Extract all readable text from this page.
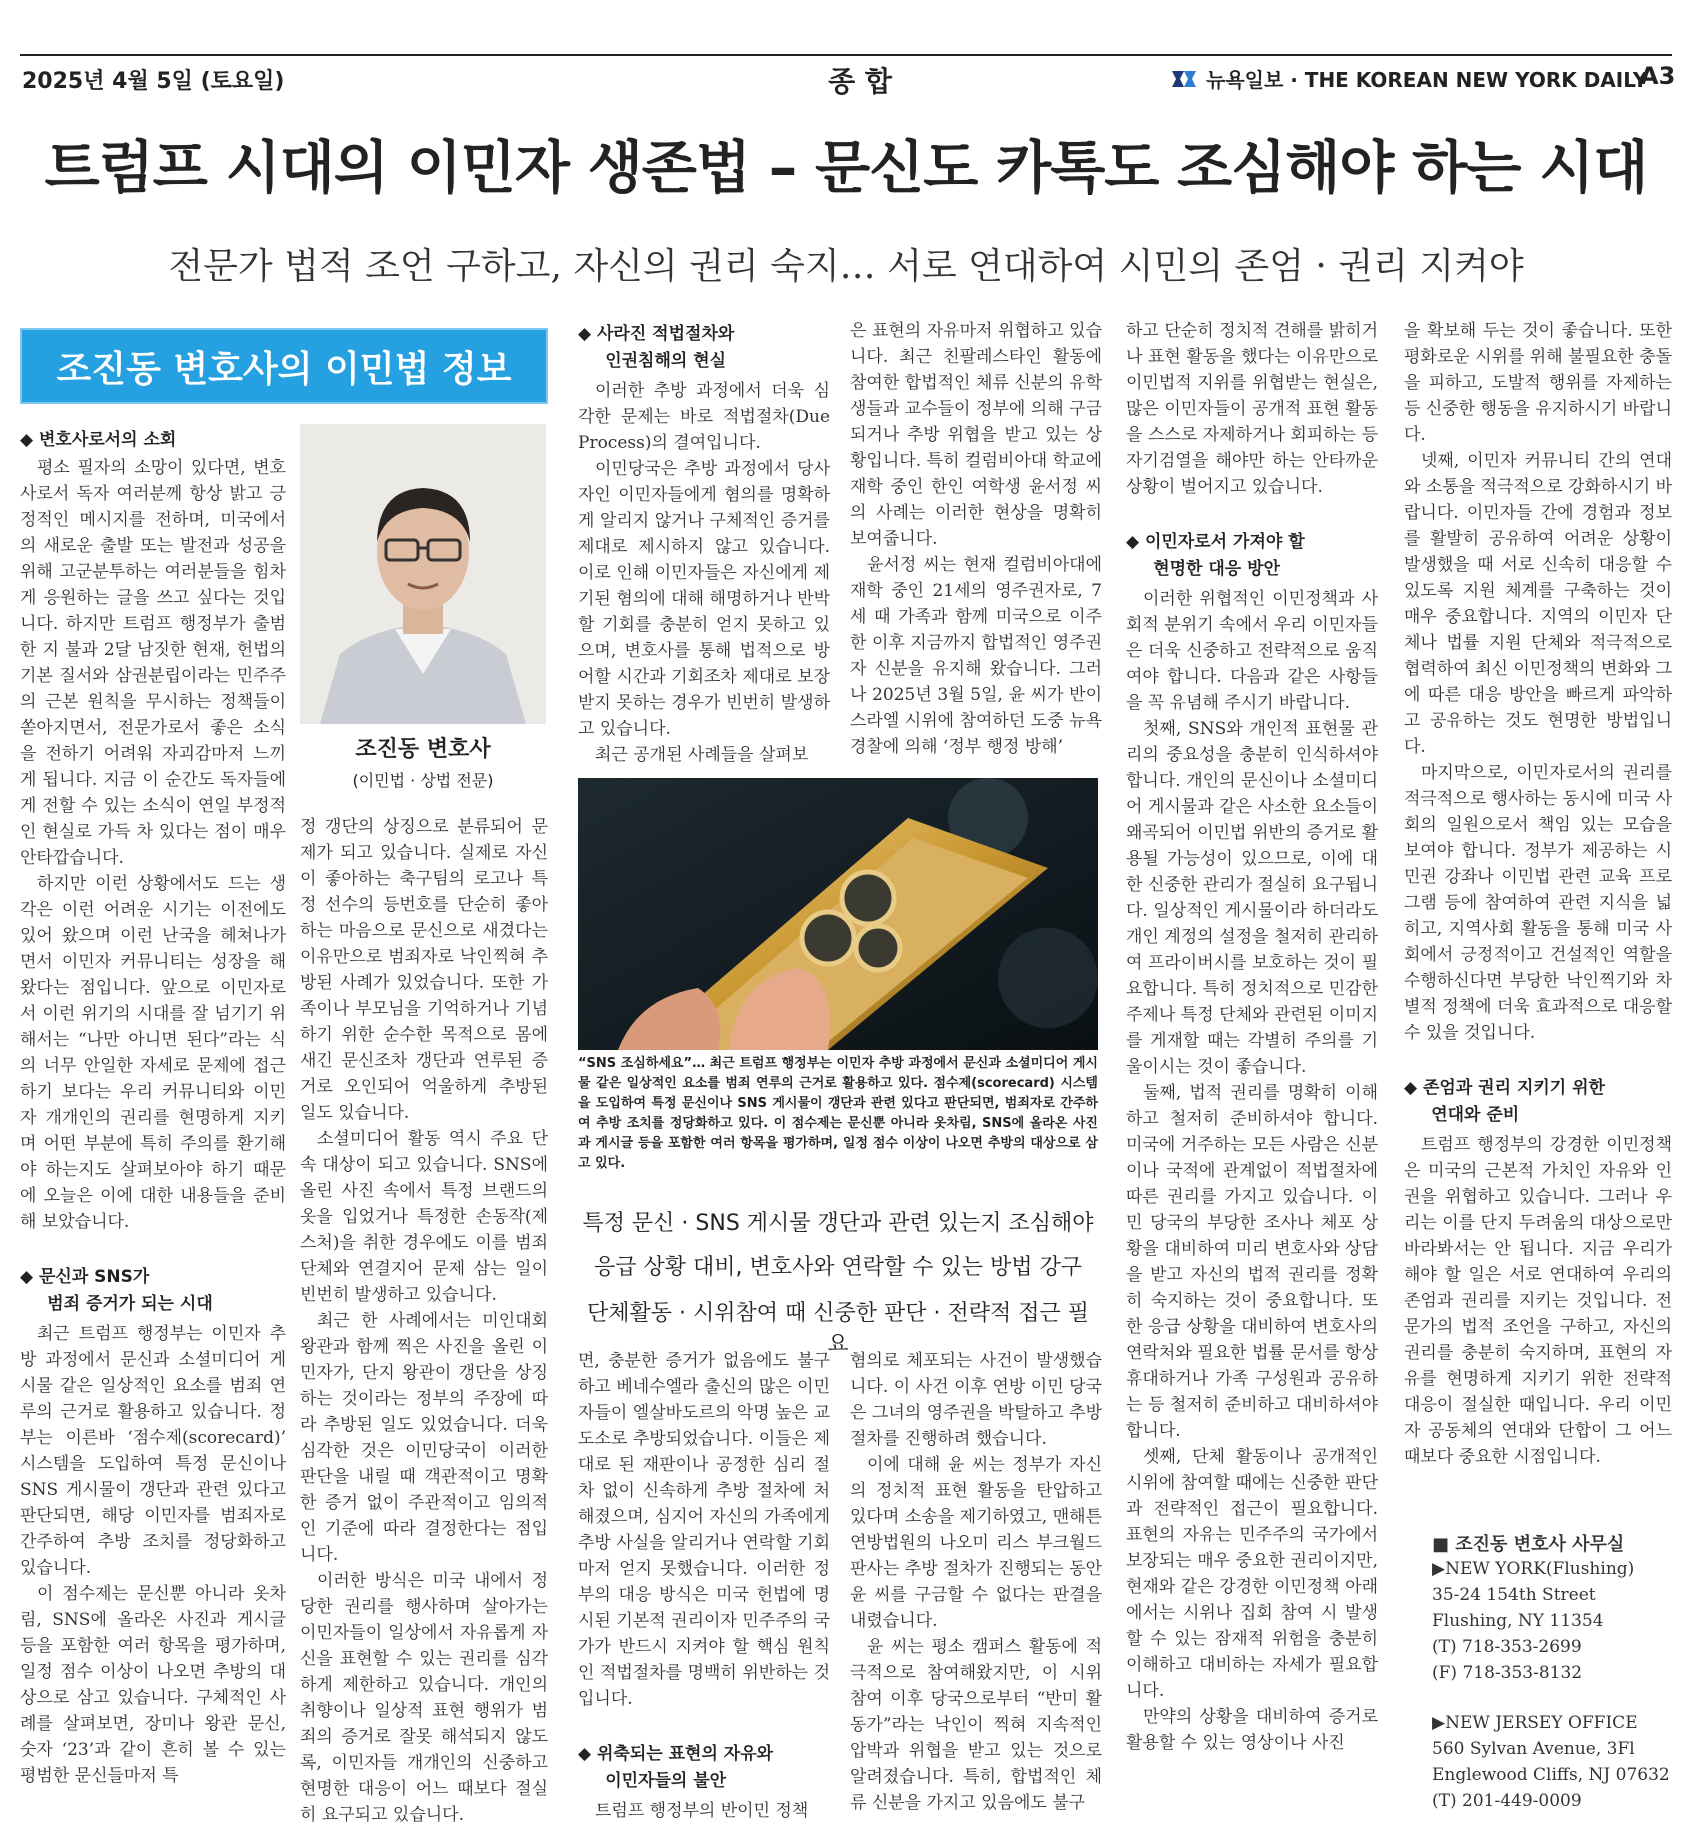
2025년 4월 5일 (토요일)	종 합	뉴욕일보 · THE KOREAN NEW YORK DAILY
A3
트럼프 시대의 이민자 생존법 – 문신도 카톡도 조심해야 하는 시대
전문가 법적 조언 구하고, 자신의 권리 숙지… 서로 연대하여 시민의 존엄 · 권리 지켜야
조진동 변호사의 이민법 정보

◆ 변호사로서의 소회

평소 필자의 소망이 있다면, 변호사로서 독자 여러분께 항상 밝고 긍정적인 메시지를 전하며, 미국에서의 새로운 출발 또는 발전과 성공을 위해 고군분투하는 여러분들을 힘차게 응원하는 글을 쓰고 싶다는 것입니다. 하지만 트럼프 행정부가 출범한 지 불과 2달 남짓한 현재, 헌법의 기본 질서와 삼권분립이라는 민주주의 근본 원칙을 무시하는 정책들이 쏟아지면서, 전문가로서 좋은 소식을 전하기 어려워 자괴감마저 느끼게 됩니다. 지금 이 순간도 독자들에게 전할 수 있는 소식이 연일 부정적인 현실로 가득 차 있다는 점이 매우 안타깝습니다.

하지만 이런 상황에서도 드는 생각은 이런 어려운 시기는 이전에도 있어 왔으며 이런 난국을 헤쳐나가면서 이민자 커뮤니티는 성장을 해 왔다는 점입니다. 앞으로 이민자로서 이런 위기의 시대를 잘 넘기기 위해서는 “나만 아니면 된다”라는 식의 너무 안일한 자세로 문제에 접근 하기 보다는 우리 커뮤니티와 이민자 개개인의 권리를 현명하게 지키며 어떤 부분에 특히 주의를 환기해야 하는지도 살펴보아야 하기 때문에 오늘은 이에 대한 내용들을 준비해 보았습니다.

◆ 문신과 SNS가

범죄 증거가 되는 시대

최근 트럼프 행정부는 이민자 추방 과정에서 문신과 소셜미디어 게시물 같은 일상적인 요소를 범죄 연루의 근거로 활용하고 있습니다. 정부는 이른바 ‘점수제(scorecard)’ 시스템을 도입하여 특정 문신이나 SNS 게시물이 갱단과 관련 있다고 판단되면, 해당 이민자를 범죄자로 간주하여 추방 조치를 정당화하고 있습니다.

이 점수제는 문신뿐 아니라 옷차림, SNS에 올라온 사진과 게시글 등을 포함한 여러 항목을 평가하며, 일정 점수 이상이 나오면 추방의 대상으로 삼고 있습니다. 구체적인 사례를 살펴보면, 장미나 왕관 문신, 숫자 ‘23’과 같이 흔히 볼 수 있는 평범한 문신들마저 특

조진동 변호사
(이민법 · 상법 전문)

정 갱단의 상징으로 분류되어 문제가 되고 있습니다. 실제로 자신이 좋아하는 축구팀의 로고나 특정 선수의 등번호를 단순히 좋아하는 마음으로 문신으로 새겼다는 이유만으로 범죄자로 낙인찍혀 추방된 사례가 있었습니다. 또한 가족이나 부모님을 기억하거나 기념하기 위한 순수한 목적으로 몸에 새긴 문신조차 갱단과 연루된 증거로 오인되어 억울하게 추방된 일도 있습니다.

소셜미디어 활동 역시 주요 단속 대상이 되고 있습니다. SNS에 올린 사진 속에서 특정 브랜드의 옷을 입었거나 특정한 손동작(제스처)을 취한 경우에도 이를 범죄 단체와 연결지어 문제 삼는 일이 빈번히 발생하고 있습니다.

최근 한 사례에서는 미인대회 왕관과 함께 찍은 사진을 올린 이민자가, 단지 왕관이 갱단을 상징하는 것이라는 정부의 주장에 따라 추방된 일도 있었습니다. 더욱 심각한 것은 이민당국이 이러한 판단을 내릴 때 객관적이고 명확한 증거 없이 주관적이고 임의적인 기준에 따라 결정한다는 점입니다.

이러한 방식은 미국 내에서 정당한 권리를 행사하며 살아가는 이민자들이 일상에서 자유롭게 자신을 표현할 수 있는 권리를 심각하게 제한하고 있습니다. 개인의 취향이나 일상적 표현 행위가 범죄의 증거로 잘못 해석되지 않도록, 이민자들 개개인의 신중하고 현명한 대응이 어느 때보다 절실히 요구되고 있습니다.

◆ 사라진 적법절차와

인권침해의 현실

이러한 추방 과정에서 더욱 심각한 문제는 바로 적법절차(Due Process)의 결여입니다.

이민당국은 추방 과정에서 당사자인 이민자들에게 혐의를 명확하게 알리지 않거나 구체적인 증거를 제대로 제시하지 않고 있습니다. 이로 인해 이민자들은 자신에게 제기된 혐의에 대해 해명하거나 반박할 기회를 충분히 얻지 못하고 있으며, 변호사를 통해 법적으로 방어할 시간과 기회조차 제대로 보장받지 못하는 경우가 빈번히 발생하고 있습니다.

최근 공개된 사례들을 살펴보

은 표현의 자유마저 위협하고 있습니다. 최근 친팔레스타인 활동에 참여한 합법적인 체류 신분의 유학생들과 교수들이 정부에 의해 구금되거나 추방 위협을 받고 있는 상황입니다. 특히 컬럼비아대 학교에 재학 중인 한인 여학생 윤서정 씨의 사례는 이러한 현상을 명확히 보여줍니다.

윤서정 씨는 현재 컬럼비아대에 재학 중인 21세의 영주권자로, 7세 때 가족과 함께 미국으로 이주한 이후 지금까지 합법적인 영주권자 신분을 유지해 왔습니다. 그러나 2025년 3월 5일, 윤 씨가 반이스라엘 시위에 참여하던 도중 뉴욕 경찰에 의해 ‘정부 행정 방해’

“SNS 조심하세요”… 최근 트럼프 행정부는 이민자 추방 과정에서 문신과 소셜미디어 게시물 같은 일상적인 요소를 범죄 연루의 근거로 활용하고 있다. 점수제(scorecard) 시스템을 도입하여 특정 문신이나 SNS 게시물이 갱단과 관련 있다고 판단되면, 범죄자로 간주하여 추방 조치를 정당화하고 있다. 이 점수제는 문신뿐 아니라 옷차림, SNS에 올라온 사진과 게시글 등을 포함한 여러 항목을 평가하며, 일정 점수 이상이 나오면 추방의 대상으로 삼고 있다.
특정 문신 · SNS 게시물 갱단과 관련 있는지 조심해야
응급 상황 대비, 변호사와 연락할 수 있는 방법 강구
단체활동 · 시위참여 때 신중한 판단 · 전략적 접근 필요

면, 충분한 증거가 없음에도 불구하고 베네수엘라 출신의 많은 이민자들이 엘살바도르의 악명 높은 교도소로 추방되었습니다. 이들은 제대로 된 재판이나 공정한 심리 절차 없이 신속하게 추방 절차에 처해졌으며, 심지어 자신의 가족에게 추방 사실을 알리거나 연락할 기회마저 얻지 못했습니다. 이러한 정부의 대응 방식은 미국 헌법에 명시된 기본적 권리이자 민주주의 국가가 반드시 지켜야 할 핵심 원칙인 적법절차를 명백히 위반하는 것입니다.

◆ 위축되는 표현의 자유와

이민자들의 불안

트럼프 행정부의 반이민 정책

혐의로 체포되는 사건이 발생했습니다. 이 사건 이후 연방 이민 당국은 그녀의 영주권을 박탈하고 추방 절차를 진행하려 했습니다.

이에 대해 윤 씨는 정부가 자신의 정치적 표현 활동을 탄압하고 있다며 소송을 제기하였고, 맨해튼 연방법원의 나오미 리스 부크월드 판사는 추방 절차가 진행되는 동안 윤 씨를 구금할 수 없다는 판결을 내렸습니다.

윤 씨는 평소 캠퍼스 활동에 적극적으로 참여해왔지만, 이 시위 참여 이후 당국으로부터 “반미 활동가”라는 낙인이 찍혀 지속적인 압박과 위협을 받고 있는 것으로 알려졌습니다. 특히, 합법적인 체류 신분을 가지고 있음에도 불구

하고 단순히 정치적 견해를 밝히거나 표현 활동을 했다는 이유만으로 이민법적 지위를 위협받는 현실은, 많은 이민자들이 공개적 표현 활동을 스스로 자제하거나 회피하는 등 자기검열을 해야만 하는 안타까운 상황이 벌어지고 있습니다.

◆ 이민자로서 가져야 할

현명한 대응 방안

이러한 위협적인 이민정책과 사회적 분위기 속에서 우리 이민자들은 더욱 신중하고 전략적으로 움직여야 합니다. 다음과 같은 사항들을 꼭 유념해 주시기 바랍니다.

첫째, SNS와 개인적 표현물 관리의 중요성을 충분히 인식하셔야 합니다. 개인의 문신이나 소셜미디어 게시물과 같은 사소한 요소들이 왜곡되어 이민법 위반의 증거로 활용될 가능성이 있으므로, 이에 대한 신중한 관리가 절실히 요구됩니다. 일상적인 게시물이라 하더라도 개인 계정의 설정을 철저히 관리하여 프라이버시를 보호하는 것이 필요합니다. 특히 정치적으로 민감한 주제나 특정 단체와 관련된 이미지를 게재할 때는 각별히 주의를 기울이시는 것이 좋습니다.

둘째, 법적 권리를 명확히 이해하고 철저히 준비하셔야 합니다. 미국에 거주하는 모든 사람은 신분이나 국적에 관계없이 적법절차에 따른 권리를 가지고 있습니다. 이민 당국의 부당한 조사나 체포 상황을 대비하여 미리 변호사와 상담을 받고 자신의 법적 권리를 정확히 숙지하는 것이 중요합니다. 또한 응급 상황을 대비하여 변호사의 연락처와 필요한 법률 문서를 항상 휴대하거나 가족 구성원과 공유하는 등 철저히 준비하고 대비하셔야 합니다.

셋째, 단체 활동이나 공개적인 시위에 참여할 때에는 신중한 판단과 전략적인 접근이 필요합니다. 표현의 자유는 민주주의 국가에서 보장되는 매우 중요한 권리이지만, 현재와 같은 강경한 이민정책 아래에서는 시위나 집회 참여 시 발생할 수 있는 잠재적 위험을 충분히 이해하고 대비하는 자세가 필요합니다.

만약의 상황을 대비하여 증거로 활용할 수 있는 영상이나 사진

을 확보해 두는 것이 좋습니다. 또한 평화로운 시위를 위해 불필요한 충돌을 피하고, 도발적 행위를 자제하는 등 신중한 행동을 유지하시기 바랍니다.

넷째, 이민자 커뮤니티 간의 연대와 소통을 적극적으로 강화하시기 바랍니다. 이민자들 간에 경험과 정보를 활발히 공유하여 어려운 상황이 발생했을 때 서로 신속히 대응할 수 있도록 지원 체계를 구축하는 것이 매우 중요합니다. 지역의 이민자 단체나 법률 지원 단체와 적극적으로 협력하여 최신 이민정책의 변화와 그에 따른 대응 방안을 빠르게 파악하고 공유하는 것도 현명한 방법입니다.

마지막으로, 이민자로서의 권리를 적극적으로 행사하는 동시에 미국 사회의 일원으로서 책임 있는 모습을 보여야 합니다. 정부가 제공하는 시민권 강좌나 이민법 관련 교육 프로그램 등에 참여하여 관련 지식을 넓히고, 지역사회 활동을 통해 미국 사회에서 긍정적이고 건설적인 역할을 수행하신다면 부당한 낙인찍기와 차별적 정책에 더욱 효과적으로 대응할 수 있을 것입니다.

◆ 존엄과 권리 지키기 위한

연대와 준비

트럼프 행정부의 강경한 이민정책은 미국의 근본적 가치인 자유와 인권을 위협하고 있습니다. 그러나 우리는 이를 단지 두려움의 대상으로만 바라봐서는 안 됩니다. 지금 우리가 해야 할 일은 서로 연대하여 우리의 존엄과 권리를 지키는 것입니다. 전문가의 법적 조언을 구하고, 자신의 권리를 충분히 숙지하며, 표현의 자유를 현명하게 지키기 위한 전략적 대응이 절실한 때입니다. 우리 이민자 공동체의 연대와 단합이 그 어느 때보다 중요한 시점입니다.

■ 조진동 변호사 사무실
▶NEW YORK(Flushing)
35-24 154th Street
Flushing, NY 11354
(T) 718-353-2699
(F) 718-353-8132
▶NEW JERSEY OFFICE
560 Sylvan Avenue, 3Fl
Englewood Cliffs, NJ 07632
(T) 201-449-0009
